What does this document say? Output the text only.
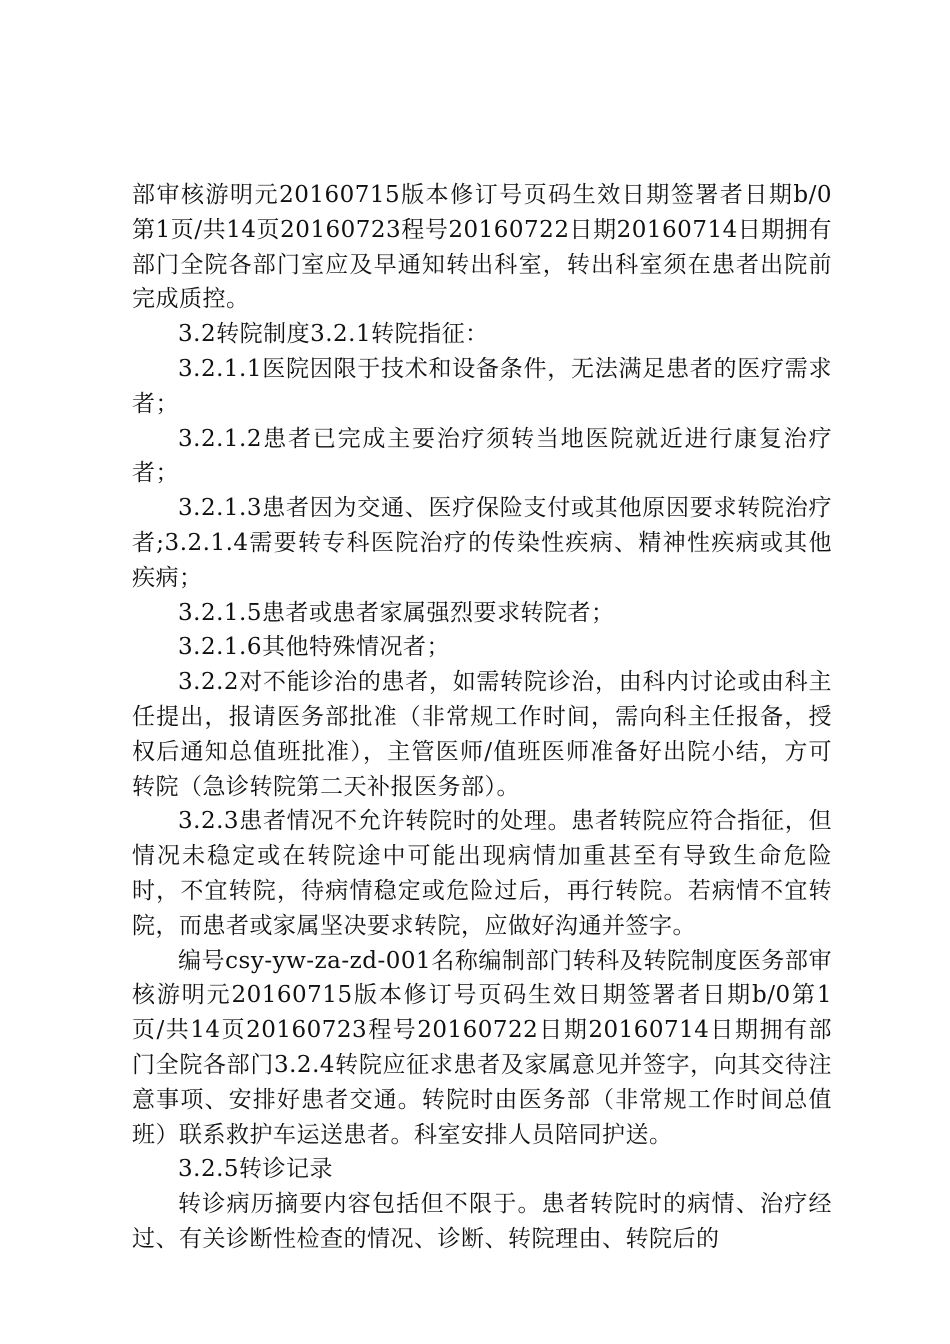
部审核游明元20160715版本修订号页码生效日期签署者日期b/0第1页/共14页20160723程号20160722日期20160714日期拥有部门全院各部门室应及早通知转出科室，转出科室须在患者出院前完成质控。

3.2转院制度3.2.1转院指征：

3.2.1.1医院因限于技术和设备条件，无法满足患者的医疗需求者；

3.2.1.2患者已完成主要治疗须转当地医院就近进行康复治疗者；

3.2.1.3患者因为交通、医疗保险支付或其他原因要求转院治疗者;3.2.1.4需要转专科医院治疗的传染性疾病、精神性疾病或其他疾病；

3.2.1.5患者或患者家属强烈要求转院者；

3.2.1.6其他特殊情况者；

3.2.2对不能诊治的患者，如需转院诊治，由科内讨论或由科主任提出，报请医务部批准（非常规工作时间，需向科主任报备，授权后通知总值班批准），主管医师/值班医师准备好出院小结，方可转院（急诊转院第二天补报医务部）。

3.2.3患者情况不允许转院时的处理。患者转院应符合指征，但情况未稳定或在转院途中可能出现病情加重甚至有导致生命危险时，不宜转院，待病情稳定或危险过后，再行转院。若病情不宜转院，而患者或家属坚决要求转院，应做好沟通并签字。

编号csy-yw-za-zd-001名称编制部门转科及转院制度医务部审核游明元20160715版本修订号页码生效日期签署者日期b/0第1页/共14页20160723程号20160722日期20160714日期拥有部门全院各部门3.2.4转院应征求患者及家属意见并签字，向其交待注意事项、安排好患者交通。转院时由医务部（非常规工作时间总值班）联系救护车运送患者。科室安排人员陪同护送。

3.2.5转诊记录

转诊病历摘要内容包括但不限于。患者转院时的病情、治疗经过、有关诊断性检查的情况、诊断、转院理由、转院后的
